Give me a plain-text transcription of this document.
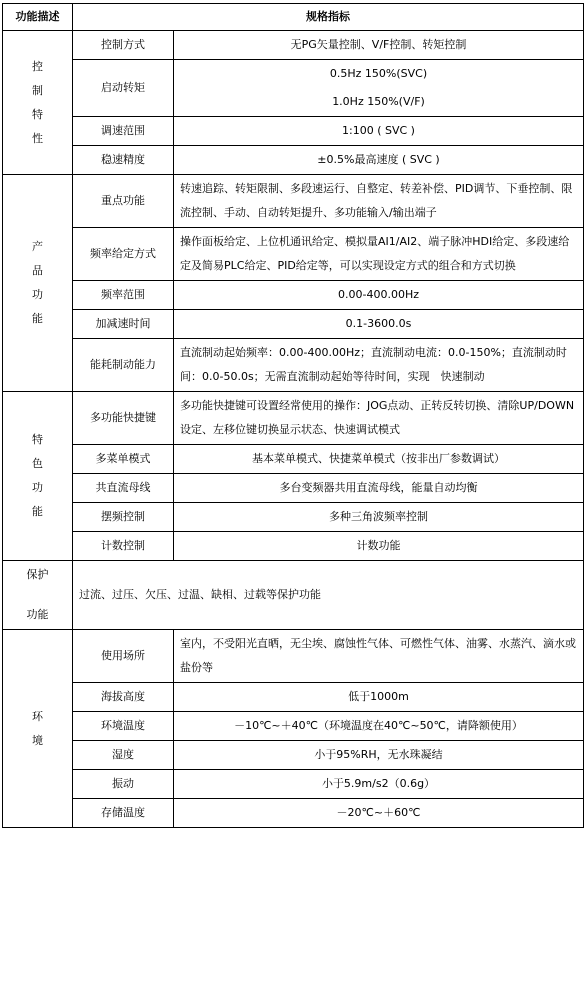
功能描述	规格指标	
控
制
特
性	控制方式	无PG矢量控制、V/F控制、转矩控制
	启动转矩	0.5Hz 150%(SVC)
		1.0Hz 150%(V/F)
	调速范围	1:100 ( SVC )
	稳速精度	±0.5%最高速度 ( SVC )
产
品
功
能	重点功能	转速追踪、转矩限制、多段速运行、自整定、转差补偿、PID调节、下垂控制、限流控制、手动、自动转矩提升、多功能输入/输出端子
	频率给定方式	操作面板给定、上位机通讯给定、模拟量AI1/AI2、端子脉冲HDI给定、多段速给定及简易PLC给定、PID给定等，可以实现设定方式的组合和方式切换
	频率范围	0.00-400.00Hz
	加减速时间	0.1-3600.0s
	能耗制动能力	直流制动起始频率：0.00-400.00Hz；直流制动电流：0.0-150%；直流制动时间：0.0-50.0s；无需直流制动起始等待时间，实现　快速制动
特
色
功
能	多功能快捷键	多功能快捷键可设置经常使用的操作：JOG点动、正转反转切换、清除UP/DOWN设定、左移位键切换显示状态、快速调试模式
	多菜单模式	基本菜单模式、快捷菜单模式（按非出厂参数调试）
	共直流母线	多台变频器共用直流母线，能量自动均衡
	摆频控制	多种三角波频率控制
	计数控制	计数功能

保护
功能	过流、过压、欠压、过温、缺相、过载等保护功能	
环
境	使用场所	室内，不受阳光直晒，无尘埃、腐蚀性气体、可燃性气体、油雾、水蒸汽、滴水或盐份等
	海拔高度	低于1000m
	环境温度	－10℃~＋40℃（环境温度在40℃~50℃，请降额使用）
	湿度	小于95%RH，无水珠凝结
	振动	小于5.9m/s2（0.6g）
	存储温度	－20℃~＋60℃
